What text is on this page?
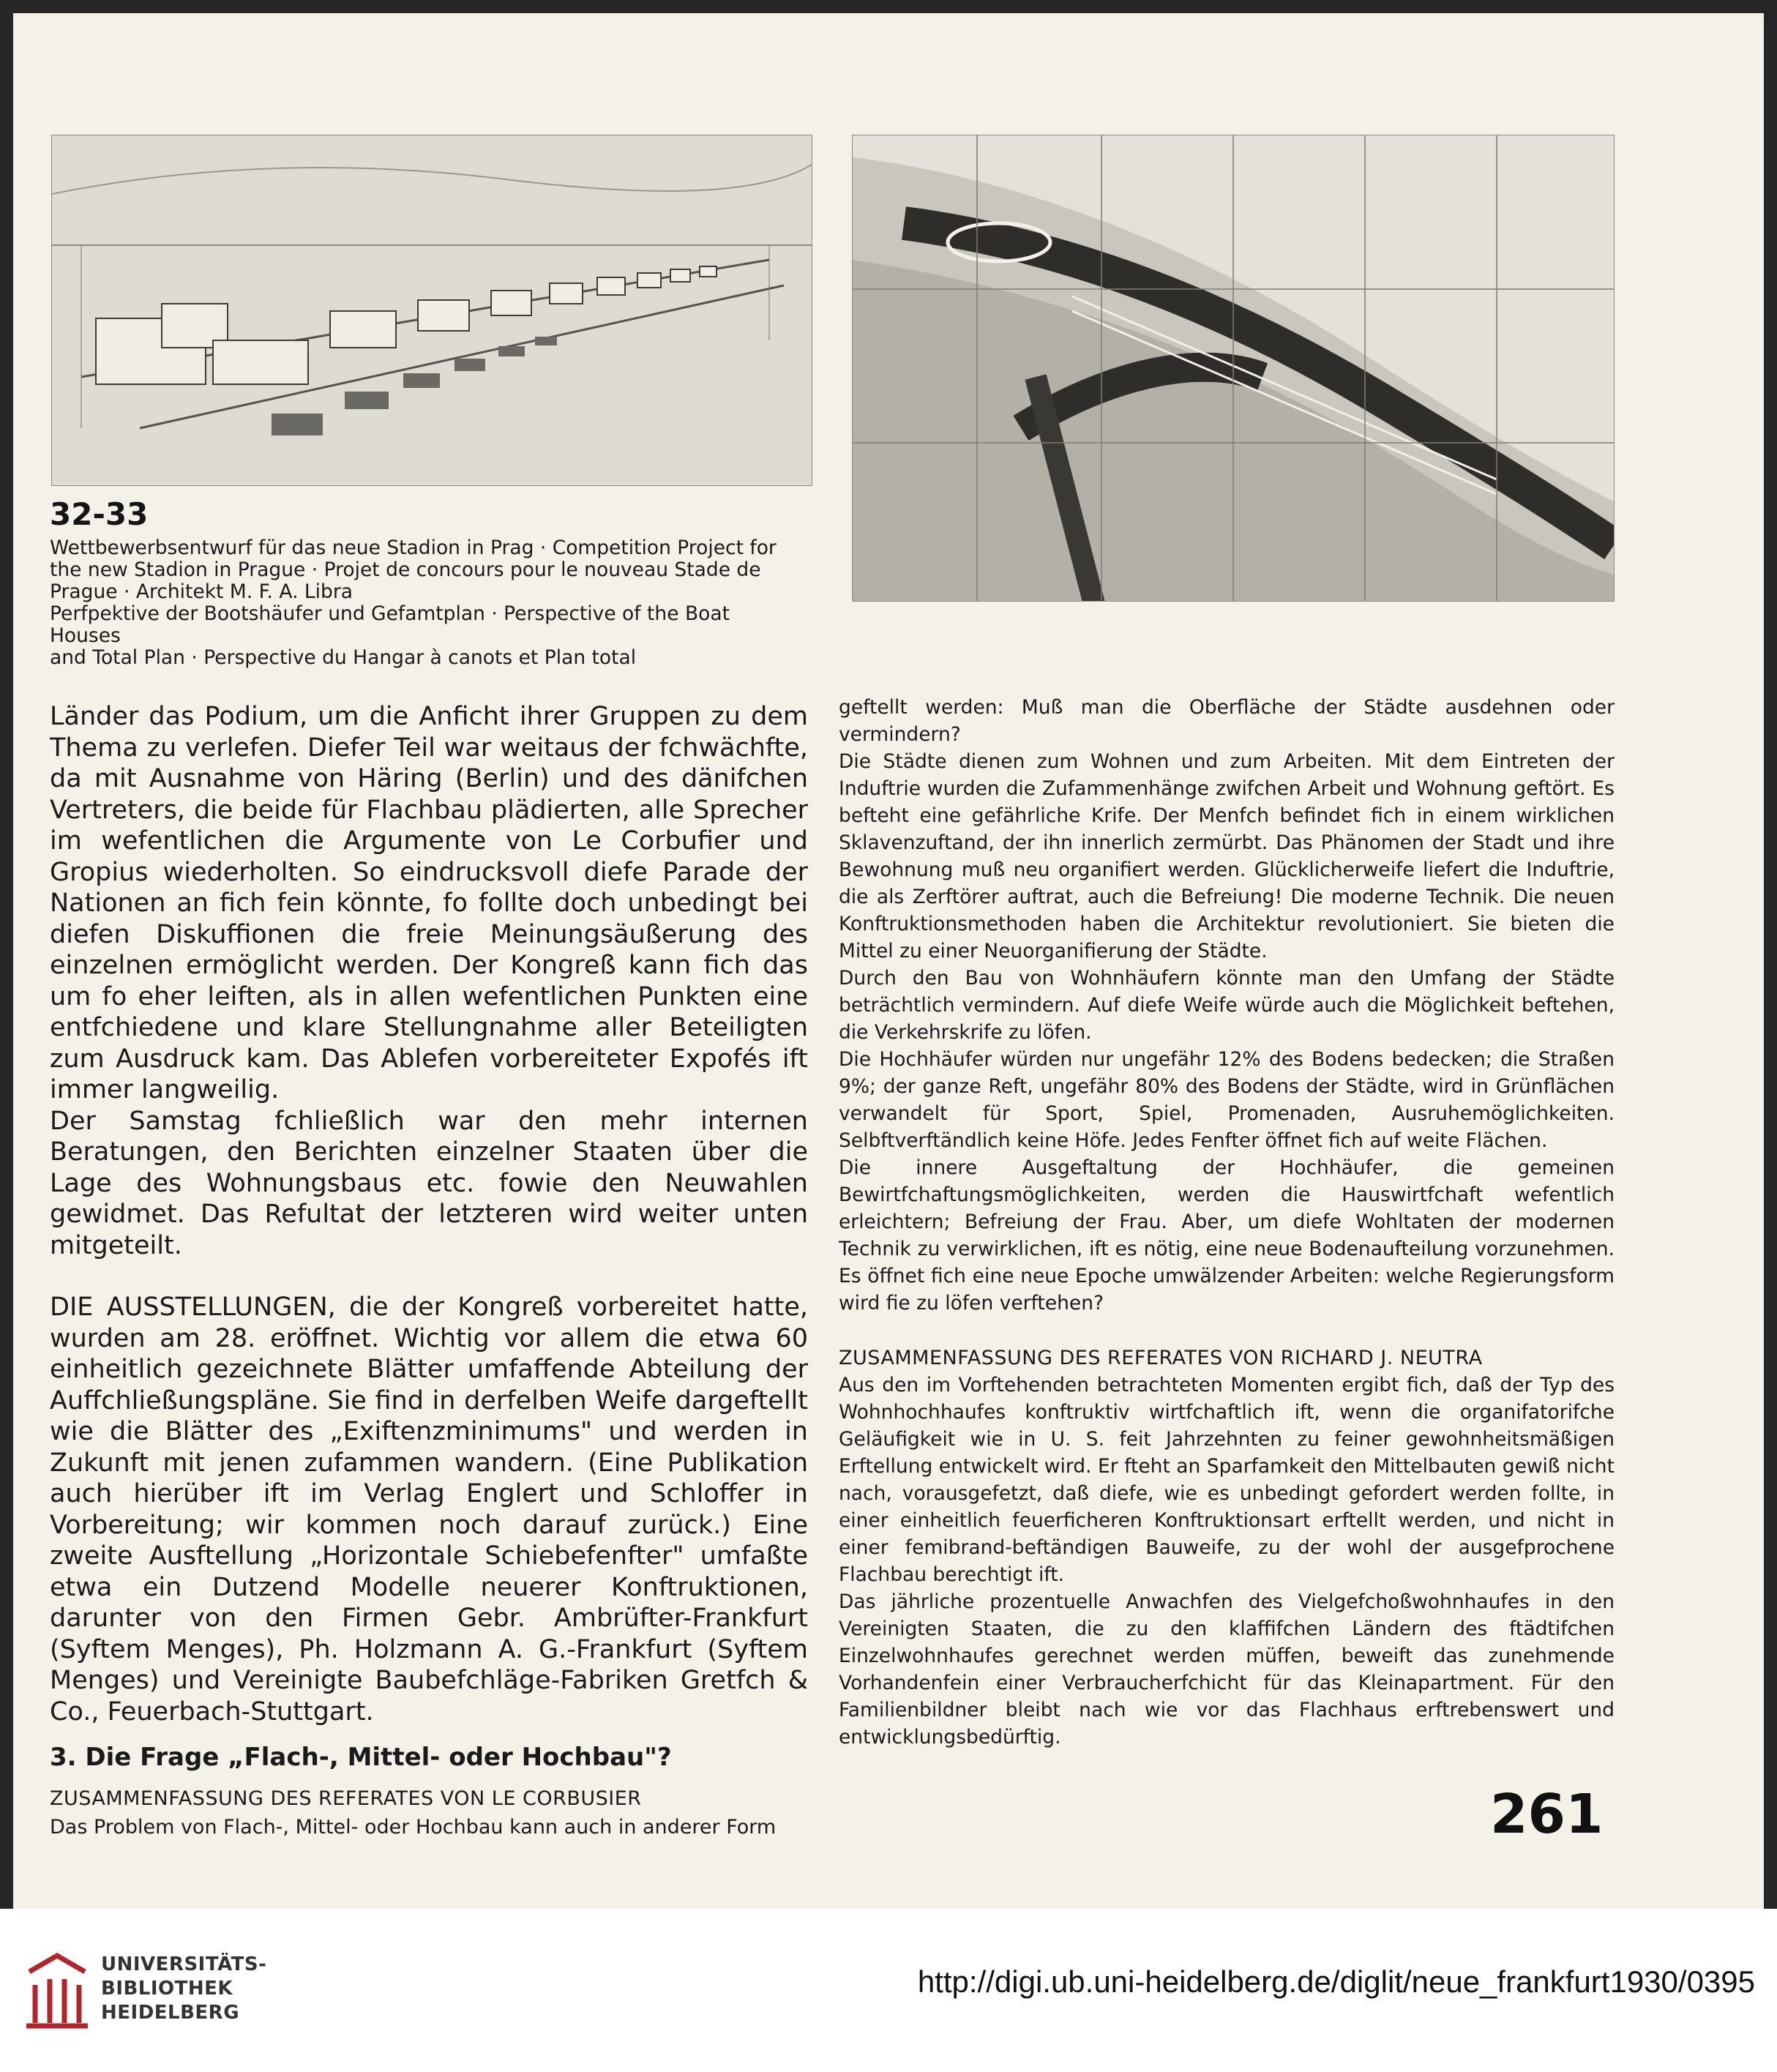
32-33

Wettbewerbsentwurf für das neue Stadion in Prag · Competition Project for

the new Stadion in Prague · Projet de concours pour le nouveau Stade de

Prague · Architekt M. F. A. Libra

Perfpektive der Bootshäufer und Gefamtplan · Perspective of the Boat Houses

and Total Plan · Perspective du Hangar à canots et Plan total

Länder das Podium, um die Anficht ihrer Gruppen zu dem Thema zu verlefen. Diefer Teil war weitaus der fchwächfte, da mit Ausnahme von Häring (Berlin) und des dänifchen Vertreters, die beide für Flachbau plädierten, alle Sprecher im wefentlichen die Argumente von Le Corbufier und Gropius wiederholten. So eindrucksvoll diefe Parade der Nationen an fich fein könnte, fo follte doch unbedingt bei diefen Diskuffionen die freie Meinungsäußerung des einzelnen ermöglicht werden. Der Kongreß kann fich das um fo eher leiften, als in allen wefentlichen Punkten eine entfchiedene und klare Stellungnahme aller Beteiligten zum Ausdruck kam. Das Ablefen vorbereiteter Expofés ift immer langweilig.

Der Samstag fchließlich war den mehr internen Beratungen, den Berichten einzelner Staaten über die Lage des Wohnungsbaus etc. fowie den Neuwahlen gewidmet. Das Refultat der letzteren wird weiter unten mitgeteilt.

DIE AUSSTELLUNGEN, die der Kongreß vorbereitet hatte, wurden am 28. eröffnet. Wichtig vor allem die etwa 60 einheitlich gezeichnete Blätter umfaffende Abteilung der Auffchließungspläne. Sie find in derfelben Weife dargeftellt wie die Blätter des „Exiftenzminimums" und werden in Zukunft mit jenen zufammen wandern. (Eine Publikation auch hierüber ift im Verlag Englert und Schloffer in Vorbereitung; wir kommen noch darauf zurück.) Eine zweite Ausftellung „Horizontale Schiebefenfter" umfaßte etwa ein Dutzend Modelle neuerer Konftruktionen, darunter von den Firmen Gebr. Ambrüfter-Frankfurt (Syftem Menges), Ph. Holzmann A. G.-Frankfurt (Syftem Menges) und Vereinigte Baubefchläge-Fabriken Gretfch & Co., Feuerbach-Stuttgart.

3. Die Frage „Flach-, Mittel- oder Hochbau"?

ZUSAMMENFASSUNG DES REFERATES VON LE CORBUSIER

Das Problem von Flach-, Mittel- oder Hochbau kann auch in anderer Form

geftellt werden: Muß man die Oberfläche der Städte ausdehnen oder vermindern?

Die Städte dienen zum Wohnen und zum Arbeiten. Mit dem Eintreten der Induftrie wurden die Zufammenhänge zwifchen Arbeit und Wohnung geftört. Es befteht eine gefährliche Krife. Der Menfch befindet fich in einem wirklichen Sklavenzuftand, der ihn innerlich zermürbt. Das Phänomen der Stadt und ihre Bewohnung muß neu organifiert werden. Glücklicherweife liefert die Induftrie, die als Zerftörer auftrat, auch die Befreiung! Die moderne Technik. Die neuen Konftruktionsmethoden haben die Architektur revolutioniert. Sie bieten die Mittel zu einer Neuorganifierung der Städte.

Durch den Bau von Wohnhäufern könnte man den Umfang der Städte beträchtlich vermindern. Auf diefe Weife würde auch die Möglichkeit beftehen, die Verkehrskrife zu löfen.

Die Hochhäufer würden nur ungefähr 12% des Bodens bedecken; die Straßen 9%; der ganze Reft, ungefähr 80% des Bodens der Städte, wird in Grünflächen verwandelt für Sport, Spiel, Promenaden, Ausruhemöglichkeiten. Selbftverftändlich keine Höfe. Jedes Fenfter öffnet fich auf weite Flächen.

Die innere Ausgeftaltung der Hochhäufer, die gemeinen Bewirtfchaftungsmöglichkeiten, werden die Hauswirtfchaft wefentlich erleichtern; Befreiung der Frau. Aber, um diefe Wohltaten der modernen Technik zu verwirklichen, ift es nötig, eine neue Bodenaufteilung vorzunehmen. Es öffnet fich eine neue Epoche umwälzender Arbeiten: welche Regierungsform wird fie zu löfen verftehen?

ZUSAMMENFASSUNG DES REFERATES VON RICHARD J. NEUTRA

Aus den im Vorftehenden betrachteten Momenten ergibt fich, daß der Typ des Wohnhochhaufes konftruktiv wirtfchaftlich ift, wenn die organifatorifche Geläufigkeit wie in U. S. feit Jahrzehnten zu feiner gewohnheitsmäßigen Erftellung entwickelt wird. Er fteht an Sparfamkeit den Mittelbauten gewiß nicht nach, vorausgefetzt, daß diefe, wie es unbedingt gefordert werden follte, in einer einheitlich feuerficheren Konftruktionsart erftellt werden, und nicht in einer femibrand-beftändigen Bauweife, zu der wohl der ausgefprochene Flachbau berechtigt ift.

Das jährliche prozentuelle Anwachfen des Vielgefchoßwohnhaufes in den Vereinigten Staaten, die zu den klaffifchen Ländern des ftädtifchen Einzelwohnhaufes gerechnet werden müffen, beweift das zunehmende Vorhandenfein einer Verbraucherfchicht für das Kleinapartment. Für den Familienbildner bleibt nach wie vor das Flachhaus erftrebenswert und entwicklungsbedürftig.

261

UNIVERSITÄTS-
BIBLIOTHEK
HEIDELBERG
http://digi.ub.uni-heidelberg.de/diglit/neue_frankfurt1930/0395
